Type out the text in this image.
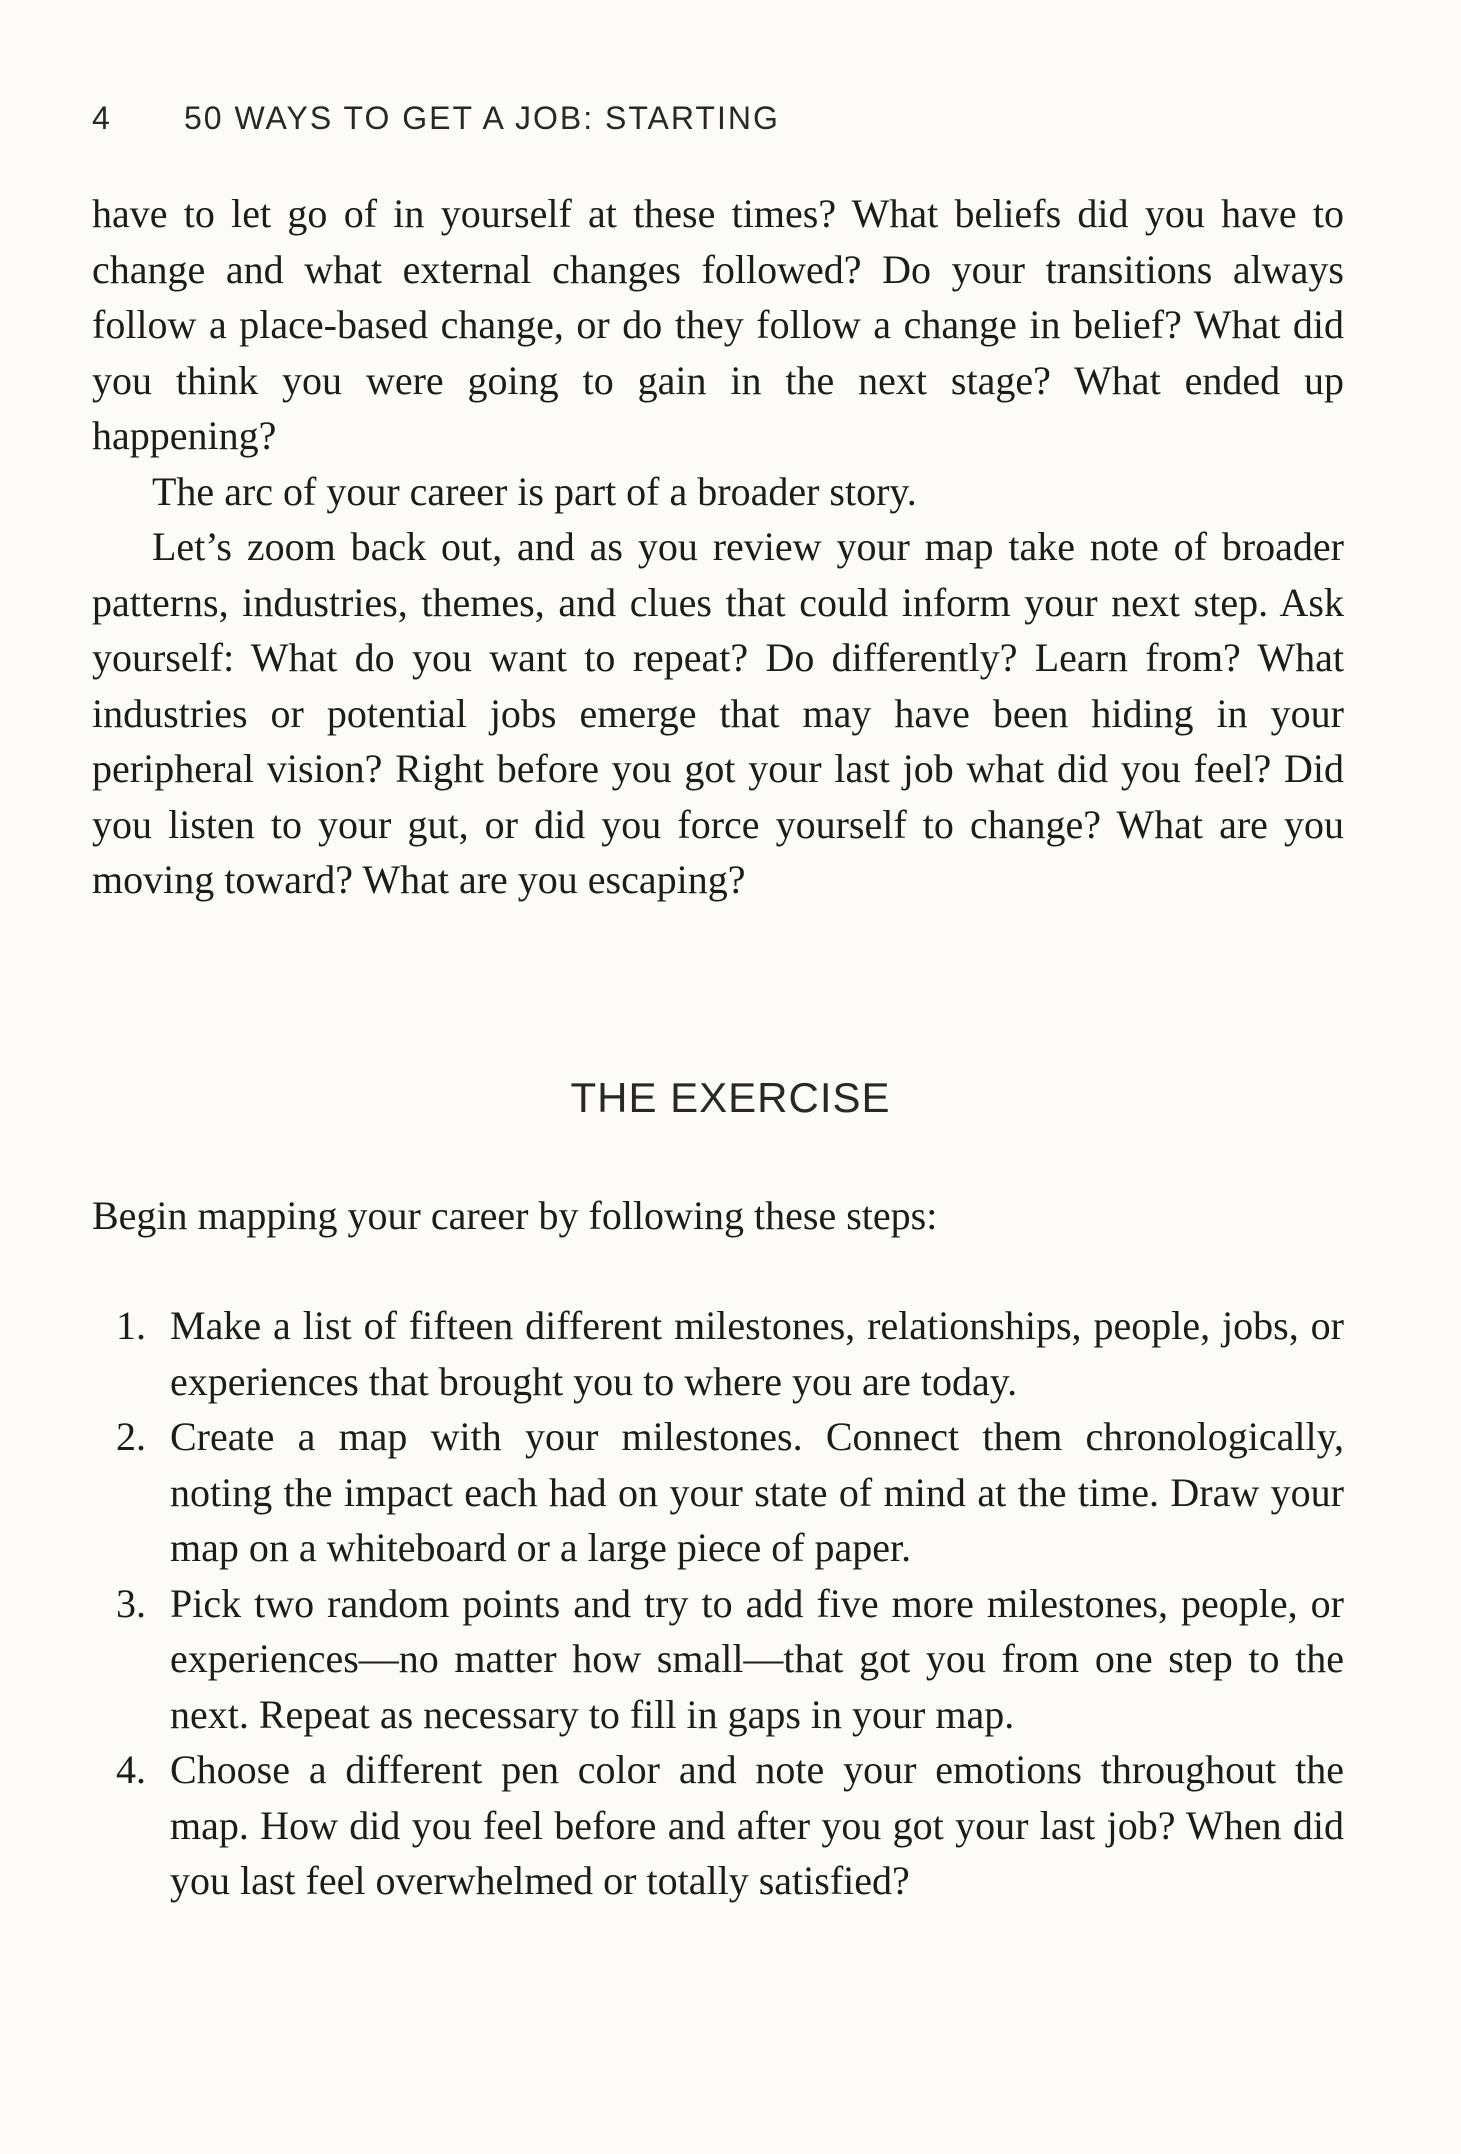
4 50 WAYS TO GET A JOB: STARTING

have to let go of in yourself at these times? What beliefs did you have to change and what external changes followed? Do your transitions always follow a place-based change, or do they follow a change in belief? What did you think you were going to gain in the next stage? What ended up happening?

The arc of your career is part of a broader story.

Let’s zoom back out, and as you review your map take note of broader patterns, industries, themes, and clues that could inform your next step. Ask yourself: What do you want to repeat? Do differently? Learn from? What industries or potential jobs emerge that may have been hiding in your peripheral vision? Right before you got your last job what did you feel? Did you listen to your gut, or did you force yourself to change? What are you moving toward? What are you escaping?

THE EXERCISE

Begin mapping your career by following these steps:

1. Make a list of fifteen different milestones, relationships, people, jobs, or experiences that brought you to where you are today.
2. Create a map with your milestones. Connect them chronologically, noting the impact each had on your state of mind at the time. Draw your map on a whiteboard or a large piece of paper.
3. Pick two random points and try to add five more milestones, people, or experiences—no matter how small—that got you from one step to the next. Repeat as necessary to fill in gaps in your map.
4. Choose a different pen color and note your emotions throughout the map. How did you feel before and after you got your last job? When did you last feel overwhelmed or totally satisfied?
